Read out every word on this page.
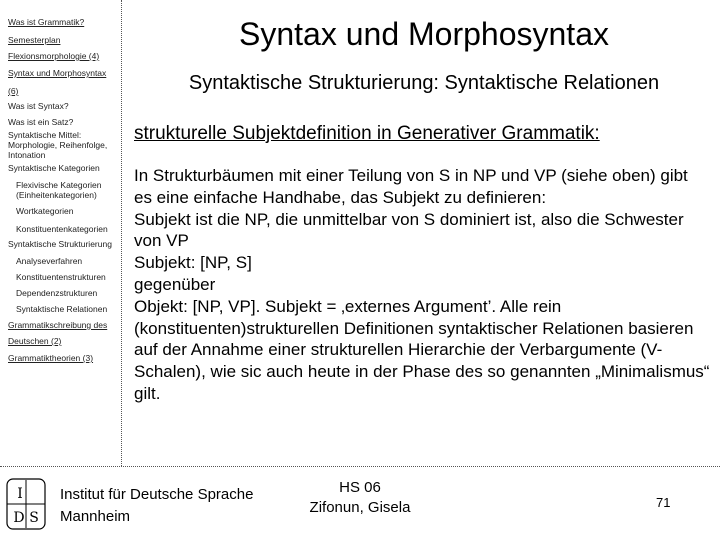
Was ist Grammatik?
Semesterplan
Flexionsmorphologie (4)
Syntax und Morphosyntax
(6)
Was ist Syntax?
Was ist ein Satz?
Syntaktische Mittel: Morphologie, Reihenfolge, Intonation
Syntaktische Kategorien
Flexivische Kategorien (Einheitenkategorien)
Wortkategorien
Konstituentenkategorien
Syntaktische Strukturierung
Analyseverfahren
Konstituentenstrukturen
Dependenzstrukturen
Syntaktische Relationen
Grammatikschreibung des
Deutschen (2)
Grammatiktheorien (3)
Syntax und Morphosyntax
Syntaktische Strukturierung: Syntaktische Relationen
strukturelle Subjektdefinition in Generativer Grammatik:

In Strukturbäumen mit einer Teilung von S in NP und VP (siehe oben) gibt es eine einfache Handhabe, das Subjekt zu definieren:

Subjekt ist die NP, die unmittelbar von S dominiert ist, also die Schwester von VP

Subjekt: [NP, S]

gegenüber

Objekt: [NP, VP]. Subjekt = ‚externes Argument’. Alle rein (konstituenten)strukturellen Definitionen syntaktischer Relationen basieren auf der Annahme einer strukturellen Hierarchie der Verbargumente (V-Schalen), wie sic auch heute in der Phase des so genannten „Minimalismus“ gilt.

I
D S
Institut für Deutsche Sprache
Mannheim
HS 06
Zifonun, Gisela	71
